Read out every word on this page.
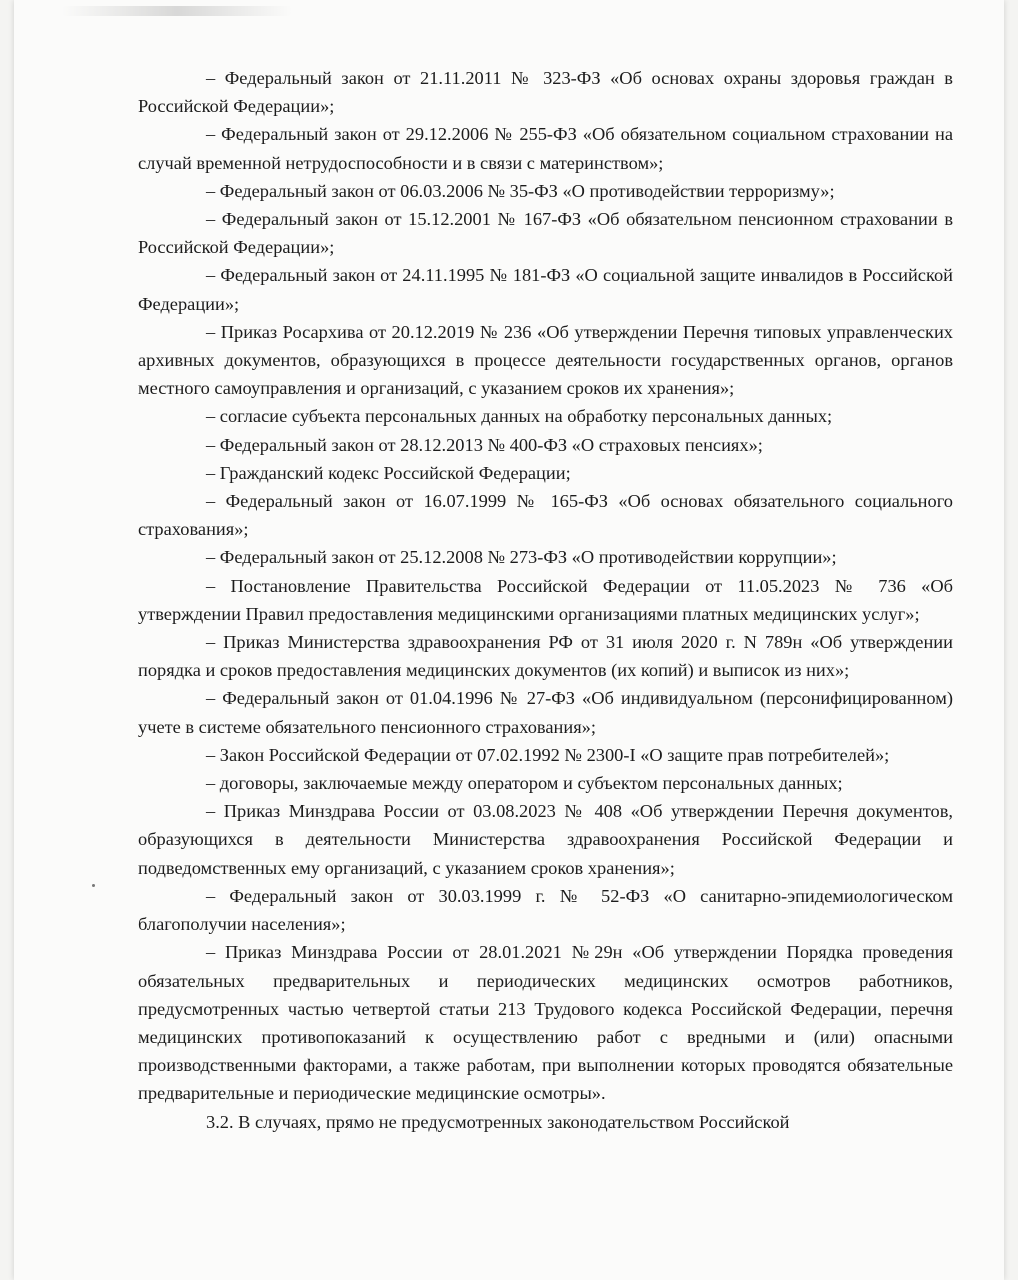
– Федеральный закон от 21.11.2011 № 323-ФЗ «Об основах охраны здоровья граждан в Российской Федерации»;

– Федеральный закон от 29.12.2006 № 255-ФЗ «Об обязательном социальном страховании на случай временной нетрудоспособности и в связи с материнством»;

– Федеральный закон от 06.03.2006 № 35-ФЗ «О противодействии терроризму»;

– Федеральный закон от 15.12.2001 № 167-ФЗ «Об обязательном пенсионном страховании в Российской Федерации»;

– Федеральный закон от 24.11.1995 № 181-ФЗ «О социальной защите инвалидов в Российской Федерации»;

– Приказ Росархива от 20.12.2019 № 236 «Об утверждении Перечня типовых управленческих архивных документов, образующихся в процессе деятельности государственных органов, органов местного самоуправления и организаций, с указанием сроков их хранения»;

– согласие субъекта персональных данных на обработку персональных данных;

– Федеральный закон от 28.12.2013 № 400-ФЗ «О страховых пенсиях»;

– Гражданский кодекс Российской Федерации;

– Федеральный закон от 16.07.1999 № 165-ФЗ «Об основах обязательного социального страхования»;

– Федеральный закон от 25.12.2008 № 273-ФЗ «О противодействии коррупции»;

– Постановление Правительства Российской Федерации от 11.05.2023 № 736 «Об утверждении Правил предоставления медицинскими организациями платных медицинских услуг»;

– Приказ Министерства здравоохранения РФ от 31 июля 2020 г. N 789н «Об утверждении порядка и сроков предоставления медицинских документов (их копий) и выписок из них»;

– Федеральный закон от 01.04.1996 № 27-ФЗ «Об индивидуальном (персонифицированном) учете в системе обязательного пенсионного страхования»;

– Закон Российской Федерации от 07.02.1992 № 2300-I «О защите прав потребителей»;

– договоры, заключаемые между оператором и субъектом персональных данных;

– Приказ Минздрава России от 03.08.2023 № 408 «Об утверждении Перечня документов, образующихся в деятельности Министерства здравоохранения Российской Федерации и подведомственных ему организаций, с указанием сроков хранения»;

– Федеральный закон от 30.03.1999 г. № 52-ФЗ «О санитарно-эпидемиологическом благополучии населения»;

– Приказ Минздрава России от 28.01.2021 №29н «Об утверждении Порядка проведения обязательных предварительных и периодических медицинских осмотров работников, предусмотренных частью четвертой статьи 213 Трудового кодекса Российской Федерации, перечня медицинских противопоказаний к осуществлению работ с вредными и (или) опасными производственными факторами, а также работам, при выполнении которых проводятся обязательные предварительные и периодические медицинские осмотры».

3.2. В случаях, прямо не предусмотренных законодательством Российской
